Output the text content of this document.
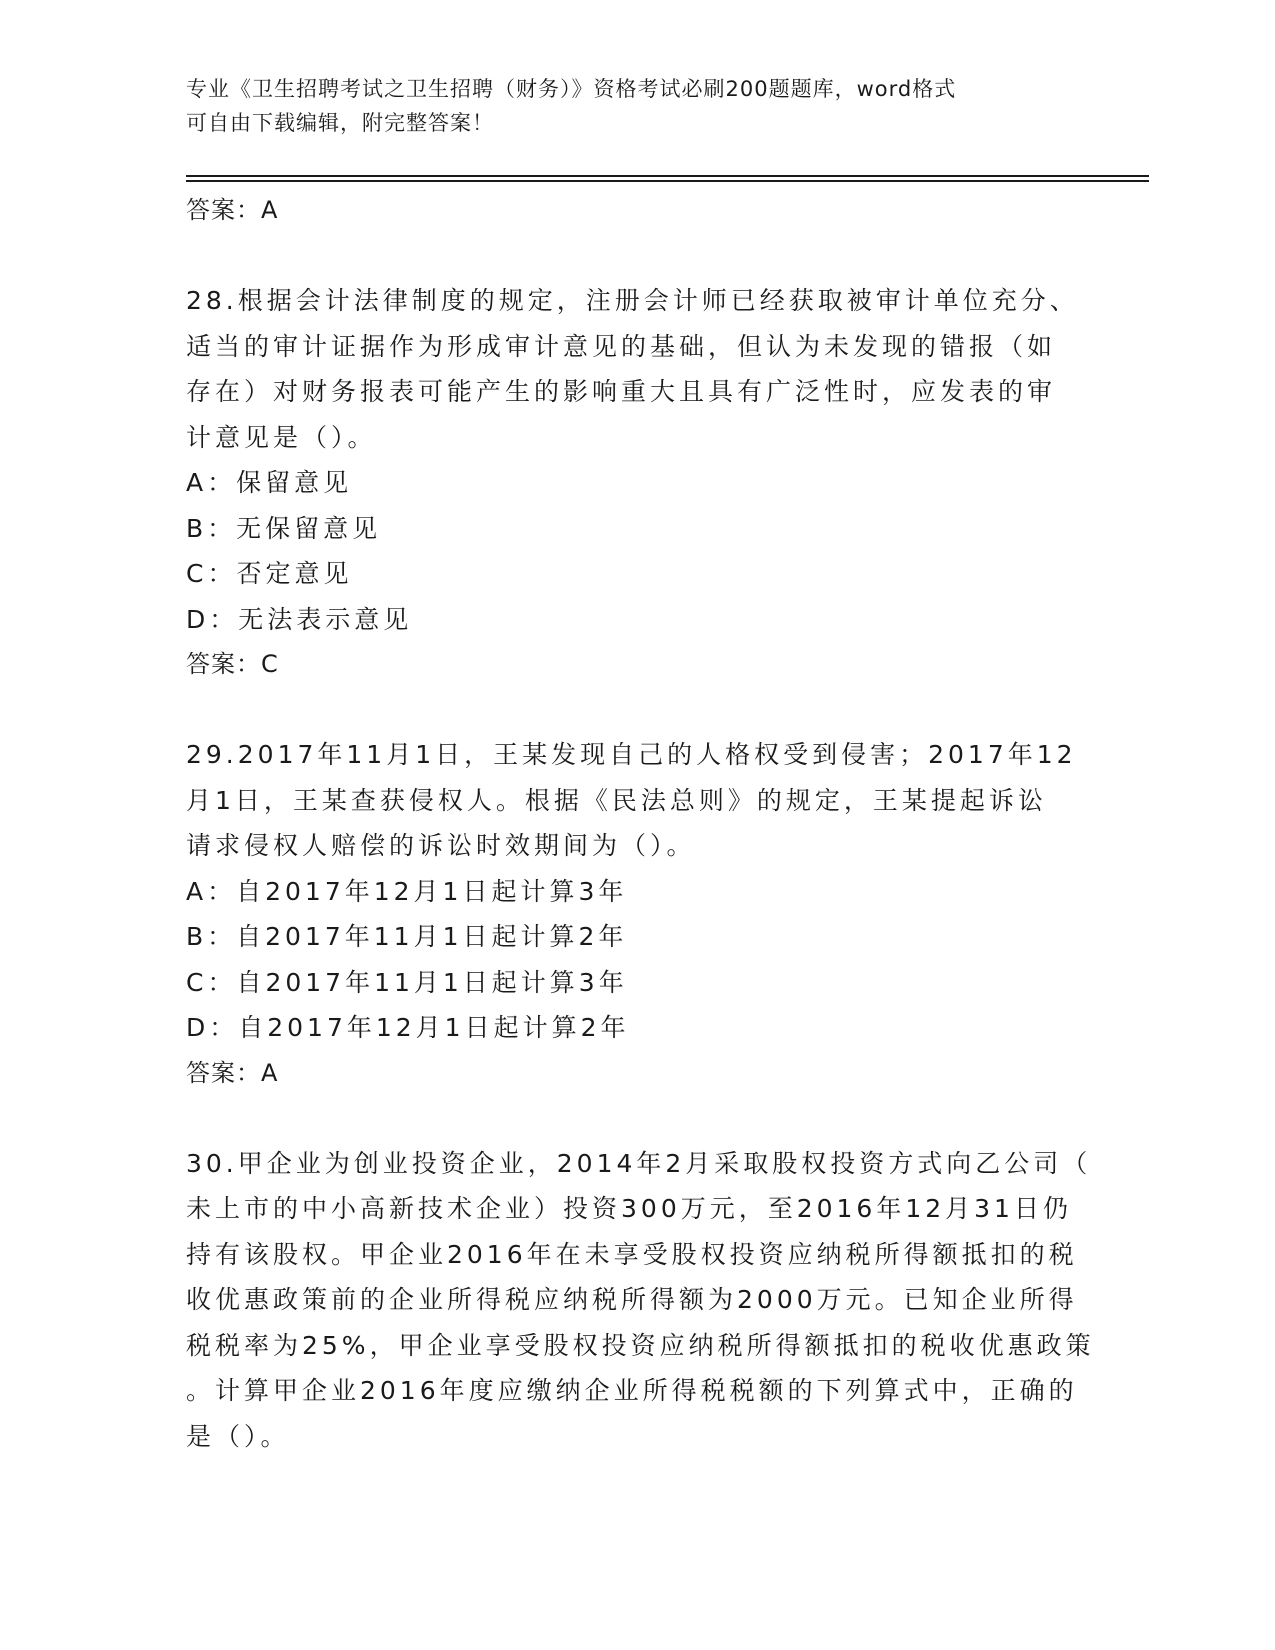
专业《卫生招聘考试之卫生招聘（财务）》资格考试必刷200题题库，word格式
可自由下载编辑，附完整答案！

答案：A

28.根据会计法律制度的规定，注册会计师已经获取被审计单位充分、

适当的审计证据作为形成审计意见的基础，但认为未发现的错报（如

存在）对财务报表可能产生的影响重大且具有广泛性时，应发表的审

计意见是（）。

A：保留意见

B：无保留意见

C：否定意见

D：无法表示意见

答案：C

29.2017年11月1日，王某发现自己的人格权受到侵害；2017年12

月1日，王某查获侵权人。根据《民法总则》的规定，王某提起诉讼

请求侵权人赔偿的诉讼时效期间为（）。

A：自2017年12月1日起计算3年

B：自2017年11月1日起计算2年

C：自2017年11月1日起计算3年

D：自2017年12月1日起计算2年

答案：A

30.甲企业为创业投资企业，2014年2月采取股权投资方式向乙公司（

未上市的中小高新技术企业）投资300万元，至2016年12月31日仍

持有该股权。甲企业2016年在未享受股权投资应纳税所得额抵扣的税

收优惠政策前的企业所得税应纳税所得额为2000万元。已知企业所得

税税率为25%，甲企业享受股权投资应纳税所得额抵扣的税收优惠政策

。计算甲企业2016年度应缴纳企业所得税税额的下列算式中，正确的

是（）。
